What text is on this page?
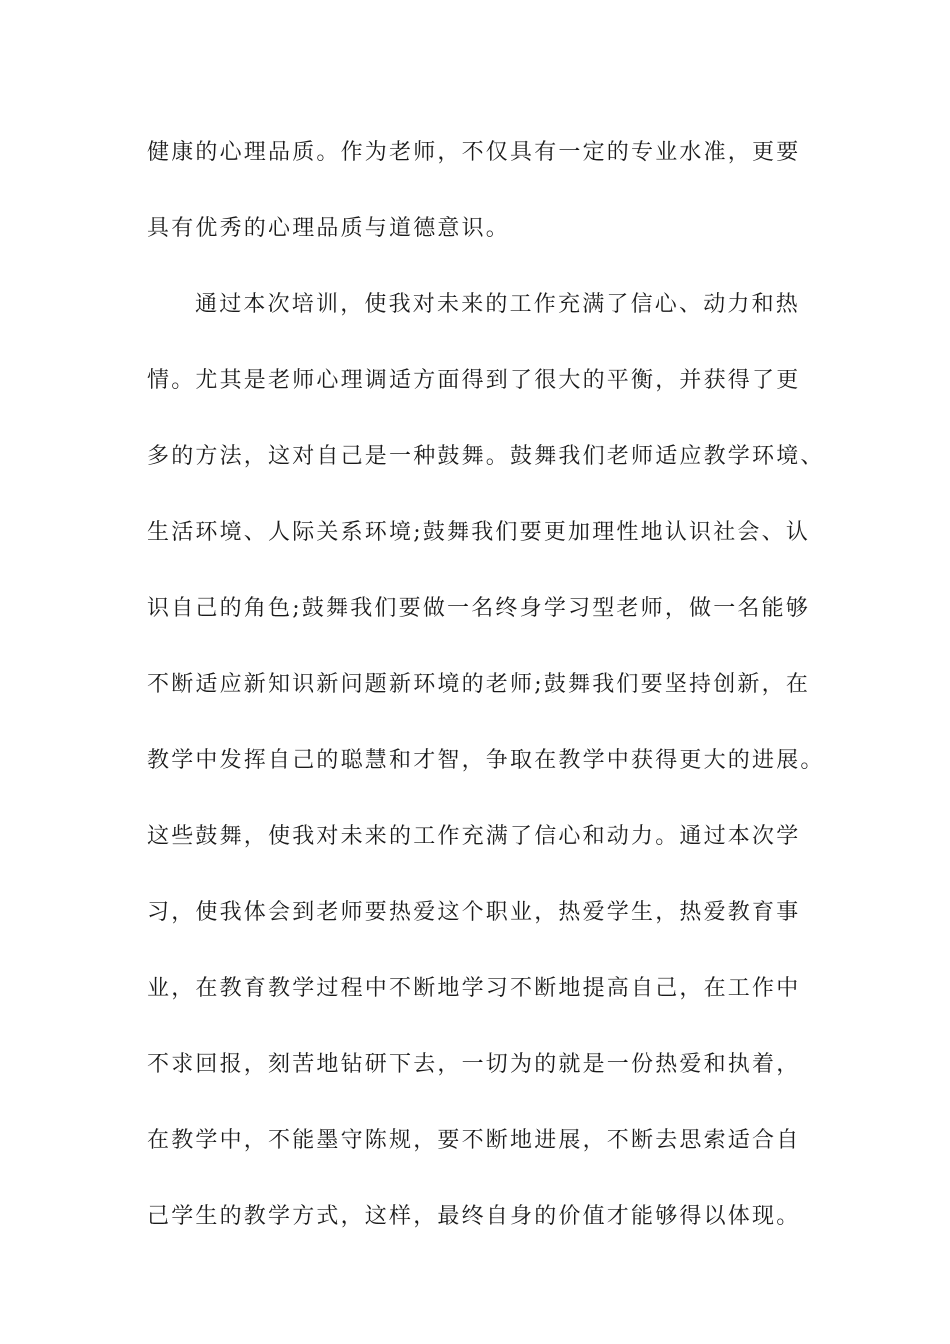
健康的心理品质。作为老师，不仅具有一定的专业水准，更要
具有优秀的心理品质与道德意识。
通过本次培训，使我对未来的工作充满了信心、动力和热
情。尤其是老师心理调适方面得到了很大的平衡，并获得了更
多的方法，这对自己是一种鼓舞。鼓舞我们老师适应教学环境、
生活环境、人际关系环境;鼓舞我们要更加理性地认识社会、认
识自己的角色;鼓舞我们要做一名终身学习型老师，做一名能够
不断适应新知识新问题新环境的老师;鼓舞我们要坚持创新，在
教学中发挥自己的聪慧和才智，争取在教学中获得更大的进展。
这些鼓舞，使我对未来的工作充满了信心和动力。通过本次学
习，使我体会到老师要热爱这个职业，热爱学生，热爱教育事
业，在教育教学过程中不断地学习不断地提高自己，在工作中
不求回报，刻苦地钻研下去，一切为的就是一份热爱和执着，
在教学中，不能墨守陈规，要不断地进展，不断去思索适合自
己学生的教学方式，这样，最终自身的价值才能够得以体现。
